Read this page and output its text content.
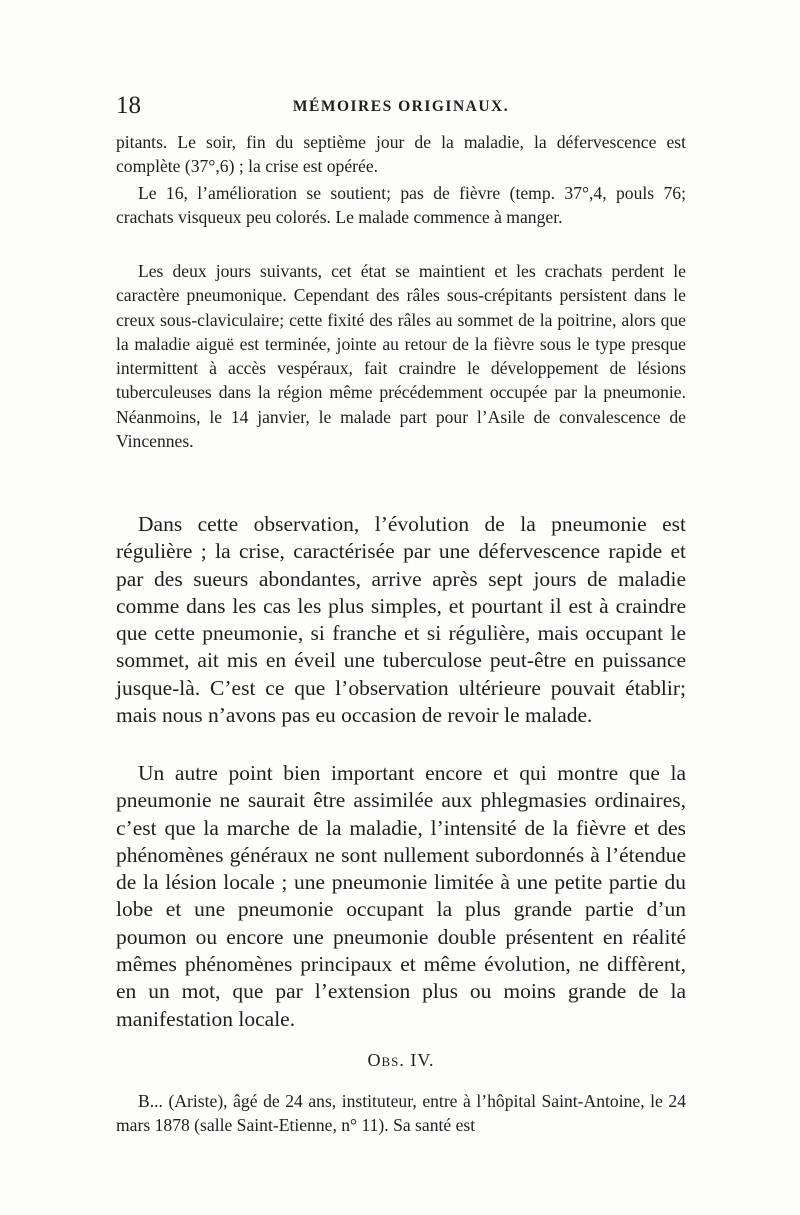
18	MÉMOIRES ORIGINAUX.

pitants. Le soir, fin du septième jour de la maladie, la défervescence est complète (37°,6) ; la crise est opérée.

Le 16, l’amélioration se soutient; pas de fièvre (temp. 37°,4, pouls 76; crachats visqueux peu colorés. Le malade commence à manger.

Les deux jours suivants, cet état se maintient et les crachats perdent le caractère pneumonique. Cependant des râles sous-crépitants persistent dans le creux sous-claviculaire; cette fixité des râles au sommet de la poitrine, alors que la maladie aiguë est terminée, jointe au retour de la fièvre sous le type presque intermittent à accès vespéraux, fait craindre le développement de lésions tuberculeuses dans la région même précédemment occupée par la pneumonie. Néanmoins, le 14 janvier, le malade part pour l’Asile de convalescence de Vincennes.

Dans cette observation, l’évolution de la pneumonie est régulière ; la crise, caractérisée par une défervescence rapide et par des sueurs abondantes, arrive après sept jours de maladie comme dans les cas les plus simples, et pourtant il est à craindre que cette pneumonie, si franche et si régulière, mais occupant le sommet, ait mis en éveil une tuberculose peut-être en puissance jusque-là. C’est ce que l’observation ultérieure pouvait établir; mais nous n’avons pas eu occasion de revoir le malade.

Un autre point bien important encore et qui montre que la pneumonie ne saurait être assimilée aux phlegmasies ordinaires, c’est que la marche de la maladie, l’intensité de la fièvre et des phénomènes généraux ne sont nullement subordonnés à l’étendue de la lésion locale ; une pneumonie limitée à une petite partie du lobe et une pneumonie occupant la plus grande partie d’un poumon ou encore une pneumonie double présentent en réalité mêmes phénomènes principaux et même évolution, ne diffèrent, en un mot, que par l’extension plus ou moins grande de la manifestation locale.

Obs. IV.

B... (Ariste), âgé de 24 ans, instituteur, entre à l’hôpital Saint-Antoine, le 24 mars 1878 (salle Saint-Etienne, n° 11). Sa santé est
